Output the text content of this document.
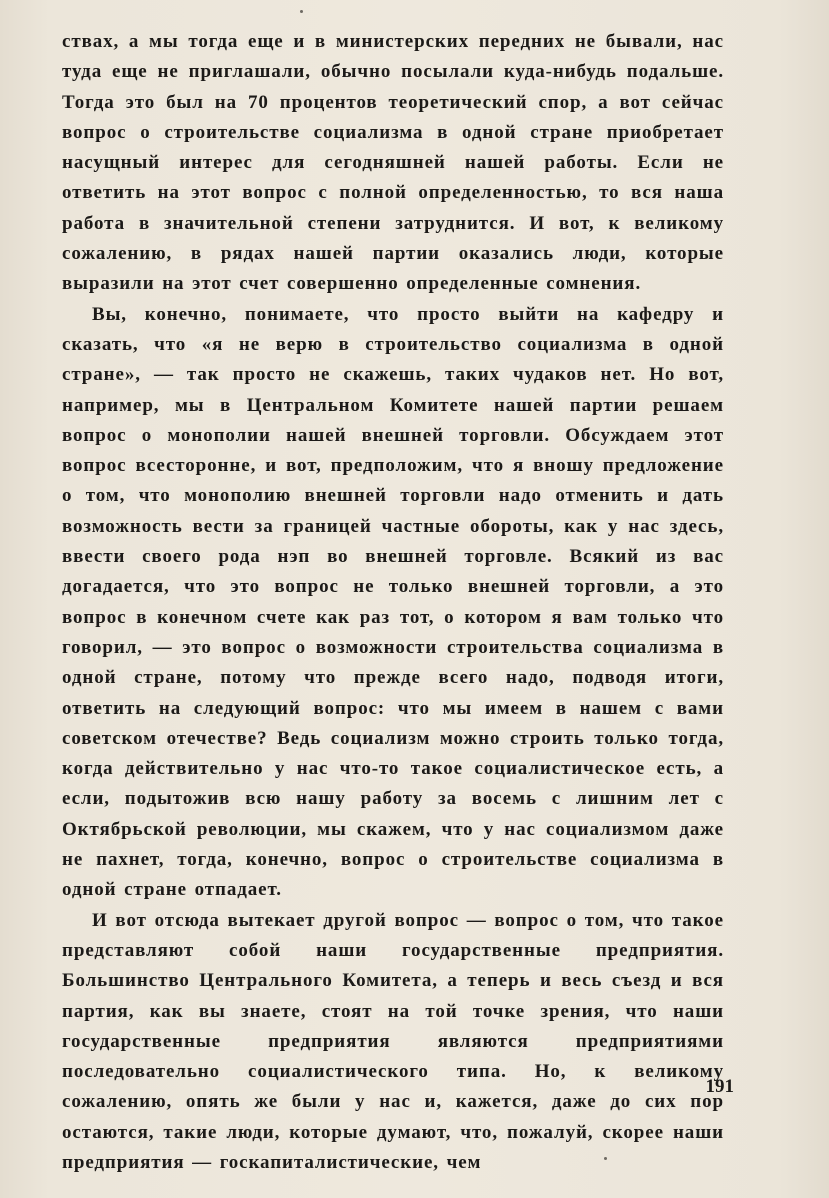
ствах, а мы тогда еще и в министерских передних не бывали, нас туда еще не приглашали, обычно посылали куда-нибудь подальше. Тогда это был на 70 процентов теоретический спор, а вот сейчас вопрос о строительстве социализма в одной стране приобретает насущный интерес для сегодняшней нашей работы. Если не ответить на этот вопрос с полной определенностью, то вся наша работа в значительной степени затруднится. И вот, к великому сожалению, в рядах нашей партии оказались люди, которые выразили на этот счет совершенно определенные сомнения.

Вы, конечно, понимаете, что просто выйти на кафедру и сказать, что «я не верю в строительство социализма в одной стране», — так просто не скажешь, таких чудаков нет. Но вот, например, мы в Центральном Комитете нашей партии решаем вопрос о монополии нашей внешней торговли. Обсуждаем этот вопрос всесторонне, и вот, предположим, что я вношу предложение о том, что монополию внешней торговли надо отменить и дать возможность вести за границей частные обороты, как у нас здесь, ввести своего рода нэп во внешней торговле. Всякий из вас догадается, что это вопрос не только внешней торговли, а это вопрос в конечном счете как раз тот, о котором я вам только что говорил, — это вопрос о возможности строительства социализма в одной стране, потому что прежде всего надо, подводя итоги, ответить на следующий вопрос: что мы имеем в нашем с вами советском отечестве? Ведь социализм можно строить только тогда, когда действительно у нас что-то такое социалистическое есть, а если, подытожив всю нашу работу за восемь с лишним лет с Октябрьской революции, мы скажем, что у нас социализмом даже не пахнет, тогда, конечно, вопрос о строительстве социализма в одной стране отпадает.

И вот отсюда вытекает другой вопрос — вопрос о том, что такое представляют собой наши государственные предприятия. Большинство Центрального Комитета, а теперь и весь съезд и вся партия, как вы знаете, стоят на той точке зрения, что наши государственные предприятия являются предприятиями последовательно социалистического типа. Но, к великому сожалению, опять же были у нас и, кажется, даже до сих пор остаются, такие люди, которые думают, что, пожалуй, скорее наши предприятия — госкапиталистические, чем

191
